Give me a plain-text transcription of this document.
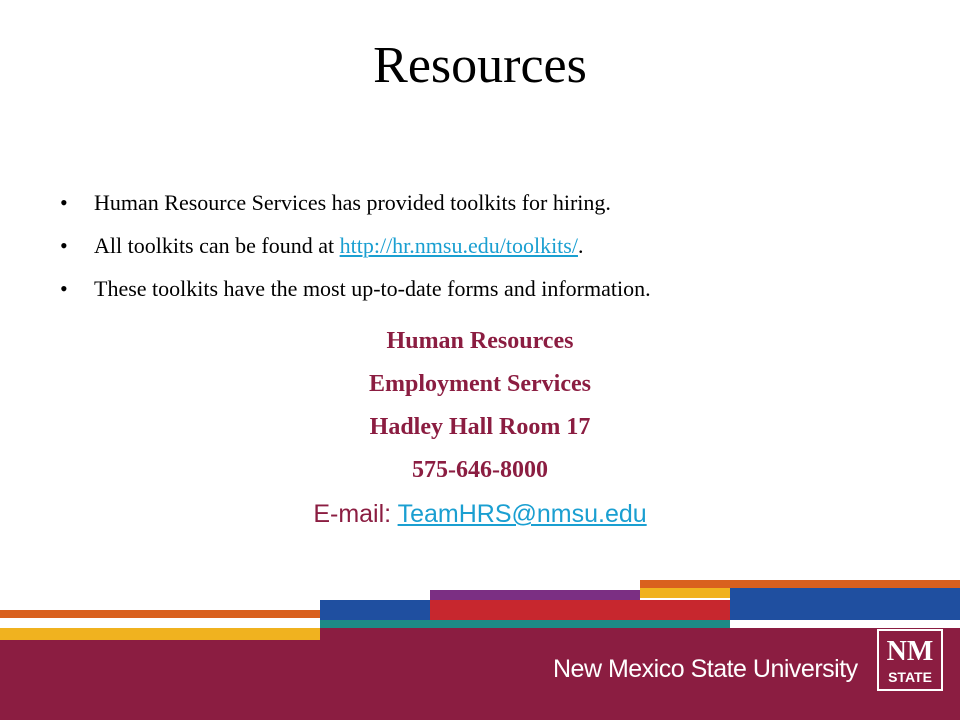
Resources
• Human Resource Services has provided toolkits for hiring.
• All toolkits can be found at http://hr.nmsu.edu/toolkits/.
• These toolkits have the most up-to-date forms and information.
Human Resources
Employment Services
Hadley Hall Room 17
575-646-8000
E-mail: TeamHRS@nmsu.edu
New Mexico State University
NM
STATE
